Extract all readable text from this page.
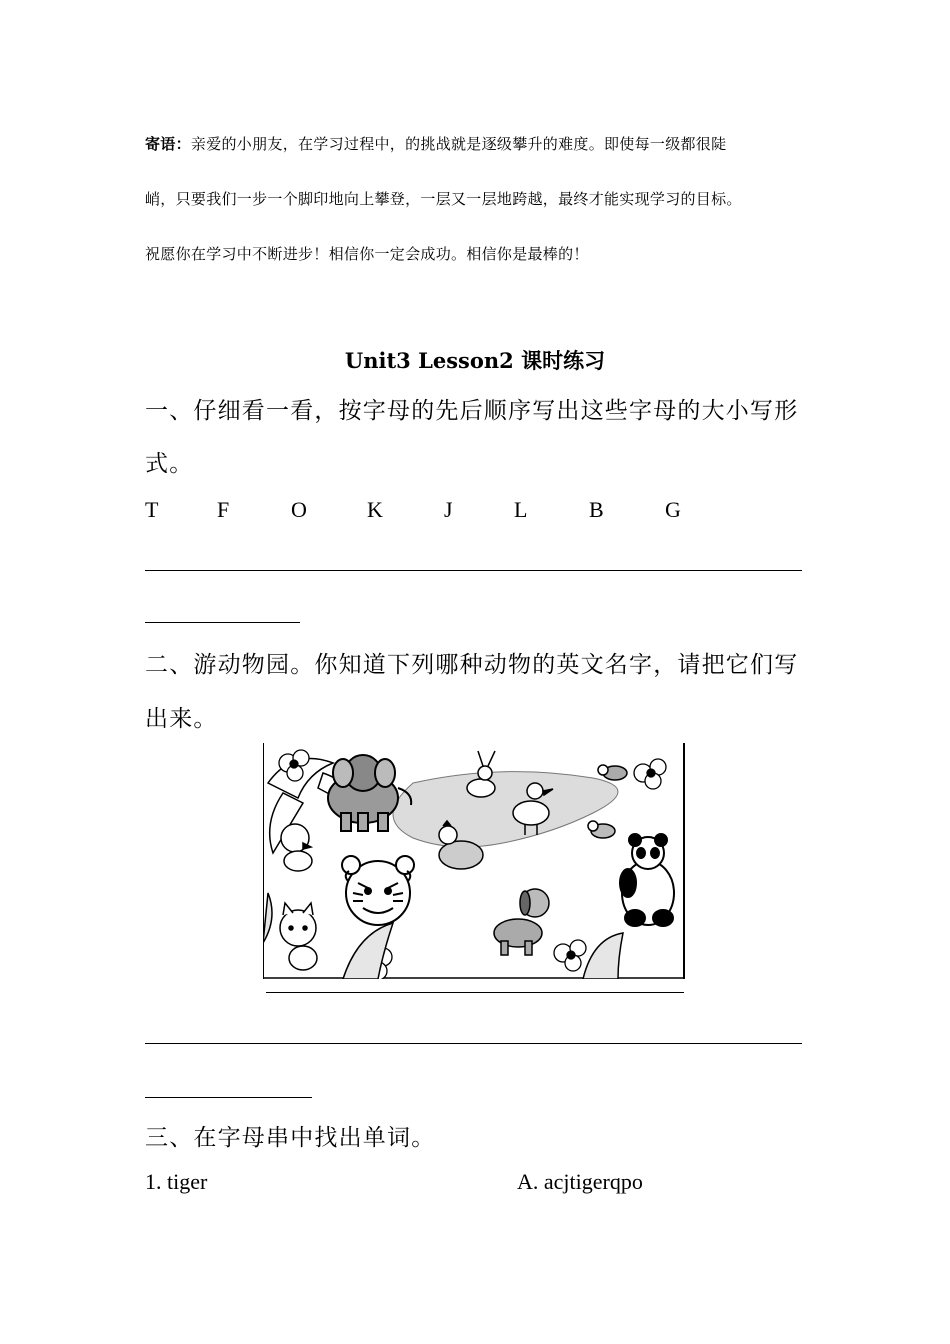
寄语：亲爱的小朋友，在学习过程中，的挑战就是逐级攀升的难度。即使每一级都很陡
峭，只要我们一步一个脚印地向上攀登，一层又一层地跨越，最终才能实现学习的目标。
祝愿你在学习中不断进步！相信你一定会成功。相信你是最棒的！
Unit3 Lesson2 课时练习
一、仔细看一看，按字母的先后顺序写出这些字母的大小写形
式。
T	F	O	K	J	L	B	G
二、游动物园。你知道下列哪种动物的英文名字，请把它们写
出来。
三、在字母串中找出单词。
1. tiger	A. acjtigerqpo
